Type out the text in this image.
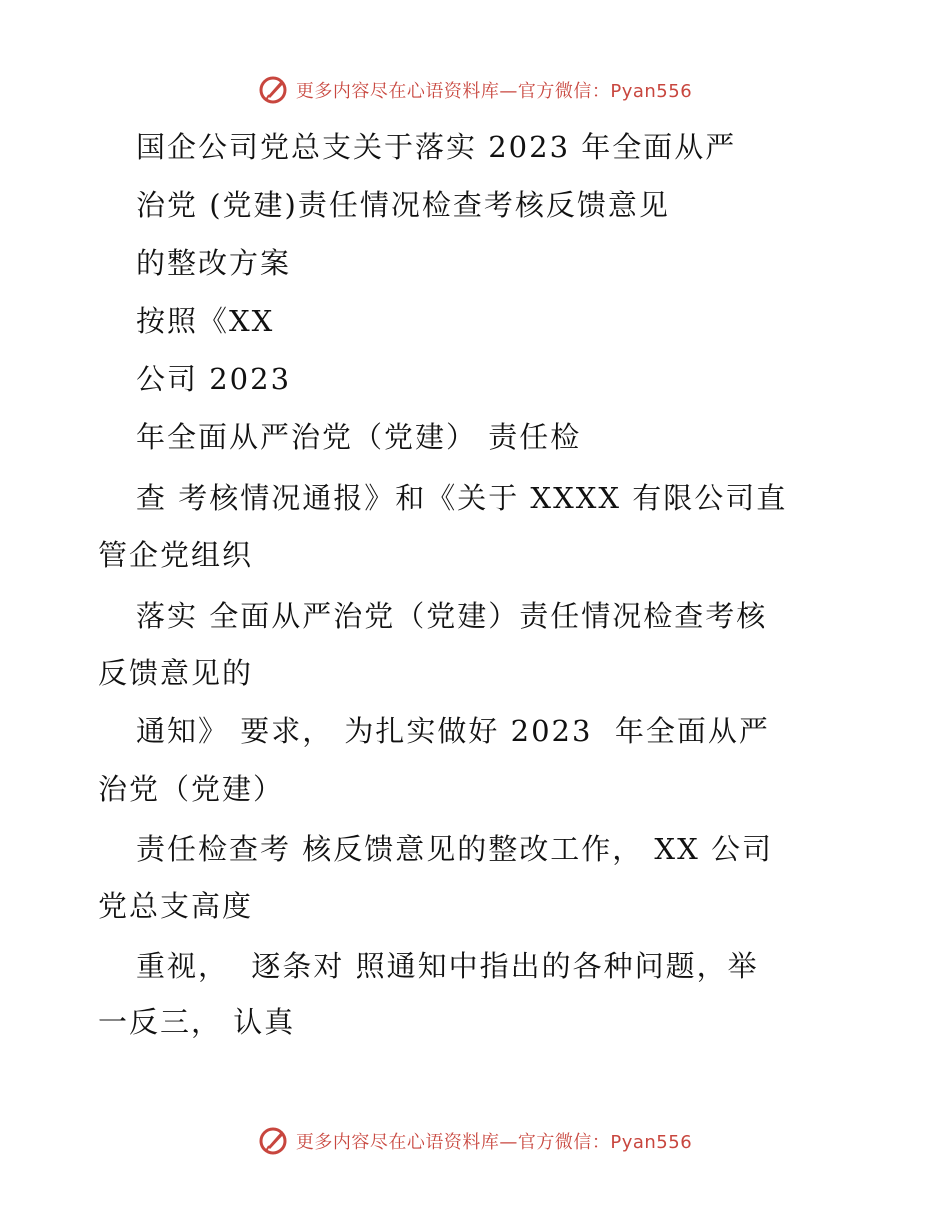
更多内容尽在心语资料库—官方微信：Pyan556
国企公司党总支关于落实 2023 年全面从严
治党 (党建)责任情况检查考核反馈意见
的整改方案
按照《XX
公司 2023
年全面从严治党（党建） 责任检
查 考核情况通报》和《关于 XXXX 有限公司直
管企党组织
落实 全面从严治党（党建）责任情况检查考核
反馈意见的
通知》 要求， 为扎实做好 2023  年全面从严
治党（党建）
责任检查考 核反馈意见的整改工作， XX 公司
党总支高度
重视，  逐条对 照通知中指出的各种问题，举
一反三， 认真
更多内容尽在心语资料库—官方微信：Pyan556
